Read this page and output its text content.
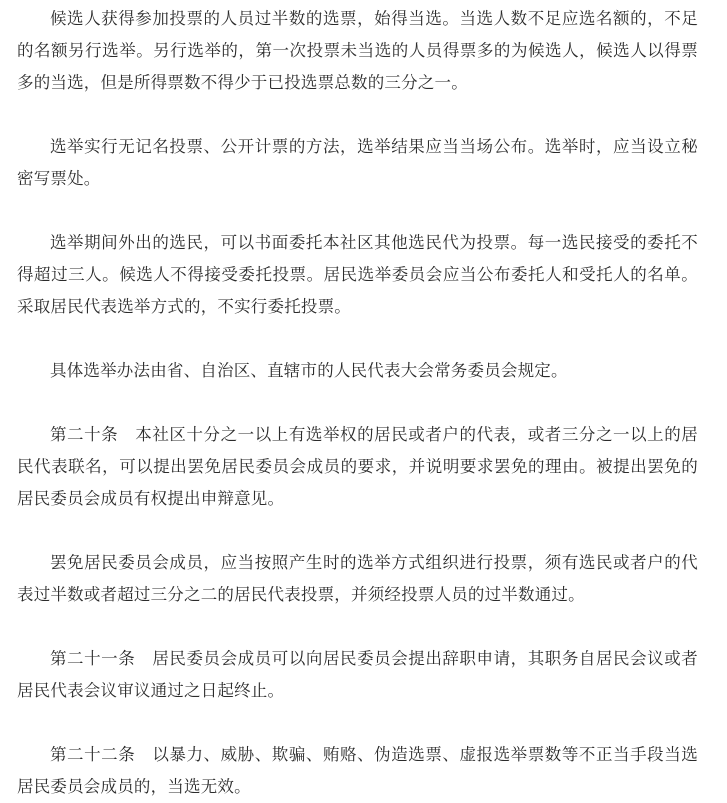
候选人获得参加投票的人员过半数的选票，始得当选。当选人数不足应选名额的，不足的名额另行选举。另行选举的，第一次投票未当选的人员得票多的为候选人，候选人以得票多的当选，但是所得票数不得少于已投选票总数的三分之一。

选举实行无记名投票、公开计票的方法，选举结果应当当场公布。选举时，应当设立秘密写票处。

选举期间外出的选民，可以书面委托本社区其他选民代为投票。每一选民接受的委托不得超过三人。候选人不得接受委托投票。居民选举委员会应当公布委托人和受托人的名单。采取居民代表选举方式的，不实行委托投票。

具体选举办法由省、自治区、直辖市的人民代表大会常务委员会规定。

第二十条　本社区十分之一以上有选举权的居民或者户的代表，或者三分之一以上的居民代表联名，可以提出罢免居民委员会成员的要求，并说明要求罢免的理由。被提出罢免的居民委员会成员有权提出申辩意见。

罢免居民委员会成员，应当按照产生时的选举方式组织进行投票，须有选民或者户的代表过半数或者超过三分之二的居民代表投票，并须经投票人员的过半数通过。

第二十一条　居民委员会成员可以向居民委员会提出辞职申请，其职务自居民会议或者居民代表会议审议通过之日起终止。

第二十二条　以暴力、威胁、欺骗、贿赂、伪造选票、虚报选举票数等不正当手段当选居民委员会成员的，当选无效。
